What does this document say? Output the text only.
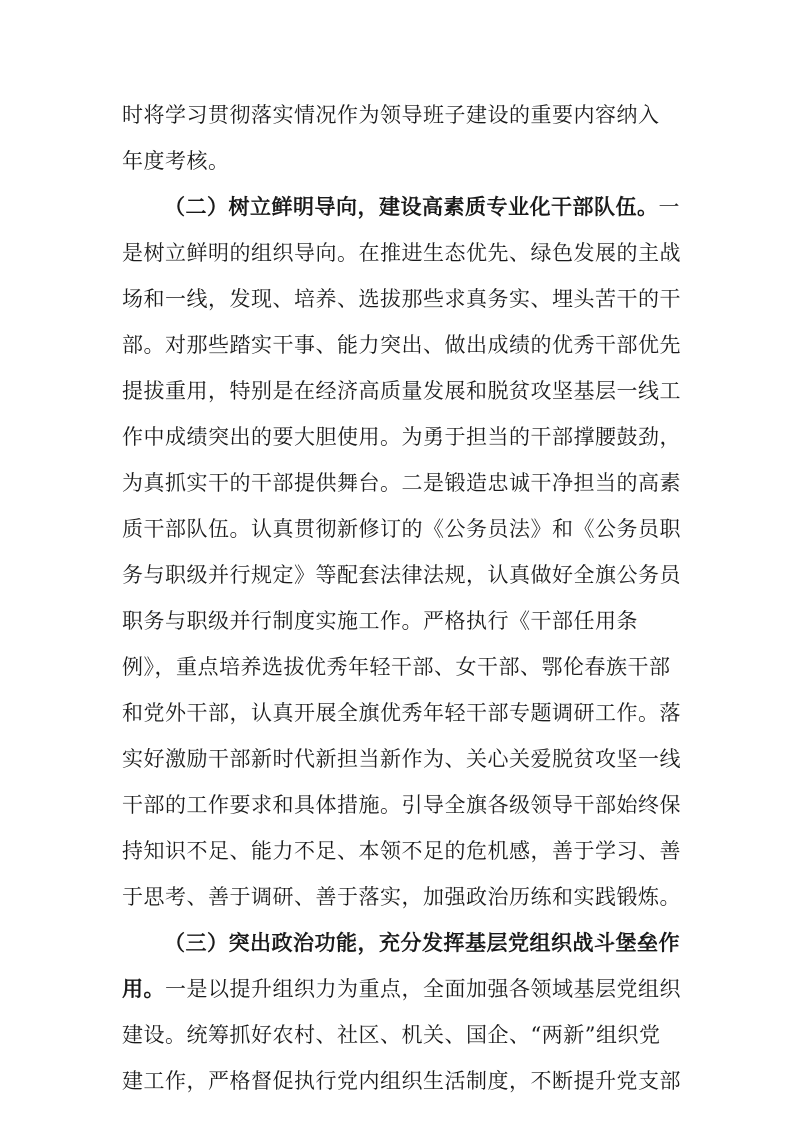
时将学习贯彻落实情况作为领导班子建设的重要内容纳入
年度考核。
（二）树立鲜明导向，建设高素质专业化干部队伍。一
是树立鲜明的组织导向。在推进生态优先、绿色发展的主战
场和一线，发现、培养、选拔那些求真务实、埋头苦干的干
部。对那些踏实干事、能力突出、做出成绩的优秀干部优先
提拔重用，特别是在经济高质量发展和脱贫攻坚基层一线工
作中成绩突出的要大胆使用。为勇于担当的干部撑腰鼓劲，
为真抓实干的干部提供舞台。二是锻造忠诚干净担当的高素
质干部队伍。认真贯彻新修订的《公务员法》和《公务员职
务与职级并行规定》等配套法律法规，认真做好全旗公务员
职务与职级并行制度实施工作。严格执行《干部任用条
例》，重点培养选拔优秀年轻干部、女干部、鄂伦春族干部
和党外干部，认真开展全旗优秀年轻干部专题调研工作。落
实好激励干部新时代新担当新作为、关心关爱脱贫攻坚一线
干部的工作要求和具体措施。引导全旗各级领导干部始终保
持知识不足、能力不足、本领不足的危机感，善于学习、善
于思考、善于调研、善于落实，加强政治历练和实践锻炼。
（三）突出政治功能，充分发挥基层党组织战斗堡垒作
用。一是以提升组织力为重点，全面加强各领域基层党组织
建设。统筹抓好农村、社区、机关、国企、“两新”组织党
建工作，严格督促执行党内组织生活制度，不断提升党支部
